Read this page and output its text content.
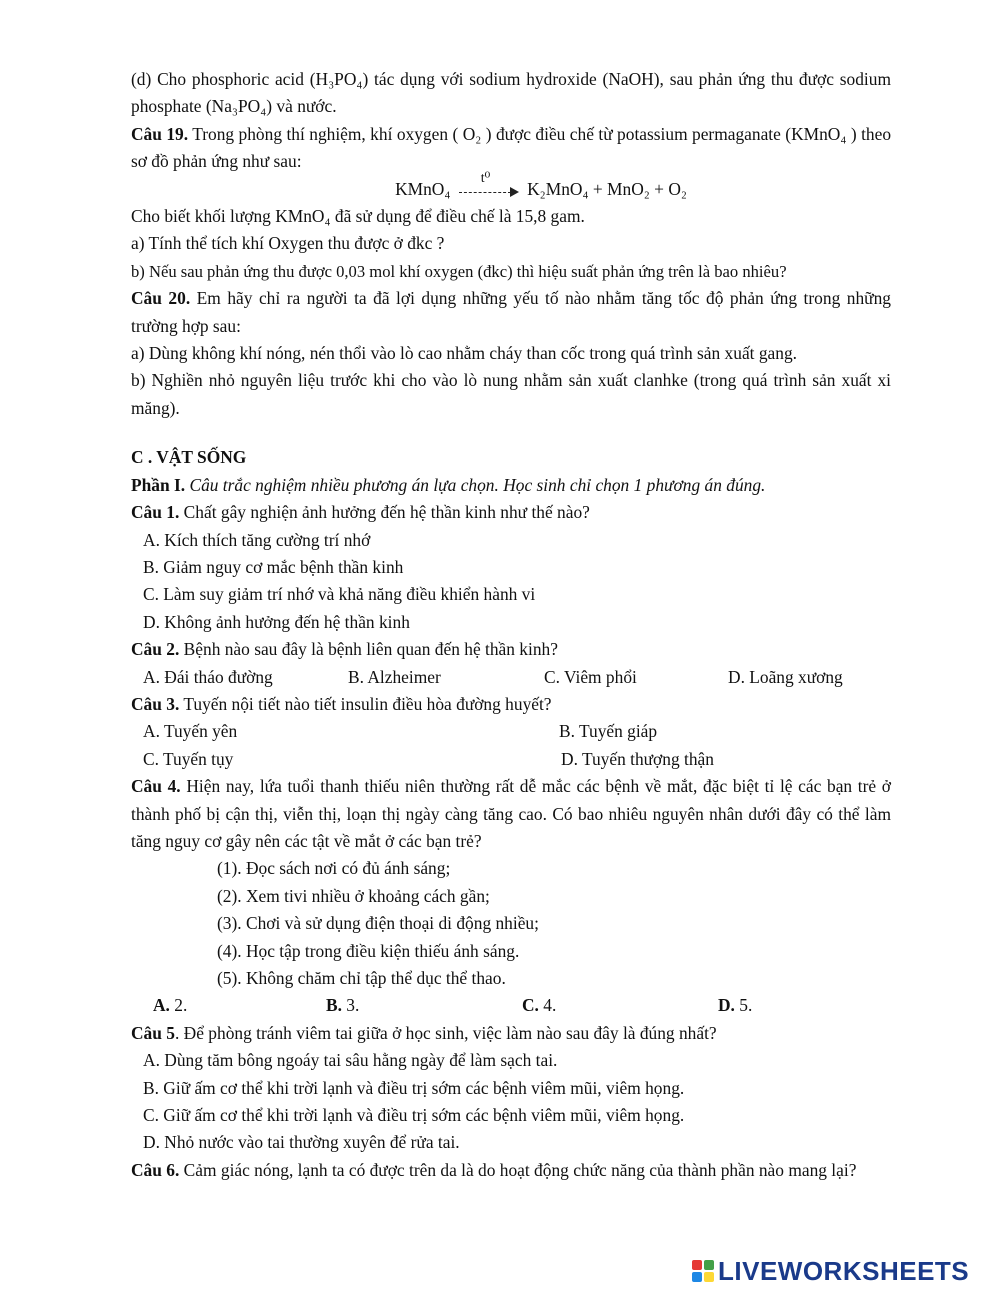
(d) Cho phosphoric acid (H₃PO₄) tác dụng với sodium hydroxide (NaOH), sau phản ứng thu được sodium phosphate (Na₃PO₄) và nước.

Câu 19. Trong phòng thí nghiệm, khí oxygen ( O₂ ) được điều chế từ potassium permaganate (KMnO₄ ) theo sơ đồ phản ứng như sau:

KMnO₄
t⁰
K₂MnO₄ + MnO₂ + O₂

Cho biết khối lượng KMnO₄ đã sử dụng để điều chế là 15,8 gam.

a) Tính thể tích khí Oxygen thu được ở đkc ?

b) Nếu sau phản ứng thu được 0,03 mol khí oxygen (đkc) thì hiệu suất phản ứng trên là bao nhiêu?

Câu 20. Em hãy chỉ ra người ta đã lợi dụng những yếu tố nào nhằm tăng tốc độ phản ứng trong những trường hợp sau:

a) Dùng không khí nóng, nén thổi vào lò cao nhằm cháy than cốc trong quá trình sản xuất gang.

b) Nghiền nhỏ nguyên liệu trước khi cho vào lò nung nhằm sản xuất clanhke (trong quá trình sản xuất xi măng).

C . VẬT SỐNG

Phần I. Câu trắc nghiệm nhiều phương án lựa chọn. Học sinh chỉ chọn 1 phương án đúng.

Câu 1. Chất gây nghiện ảnh hưởng đến hệ thần kinh như thế nào?

A. Kích thích tăng cường trí nhớ

B. Giảm nguy cơ mắc bệnh thần kinh

C. Làm suy giảm trí nhớ và khả năng điều khiển hành vi

D. Không ảnh hưởng đến hệ thần kinh

Câu 2. Bệnh nào sau đây là bệnh liên quan đến hệ thần kinh?

A. Đái tháo đường	B. Alzheimer	C. Viêm phổi	D. Loãng xương

Câu 3. Tuyến nội tiết nào tiết insulin điều hòa đường huyết?

A. Tuyến yên	B. Tuyến giáp
C. Tuyến tụy	D. Tuyến thượng thận

Câu 4. Hiện nay, lứa tuổi thanh thiếu niên thường rất dễ mắc các bệnh về mắt, đặc biệt tỉ lệ các bạn trẻ ở thành phố bị cận thị, viễn thị, loạn thị ngày càng tăng cao. Có bao nhiêu nguyên nhân dưới đây có thể làm tăng nguy cơ gây nên các tật về mắt ở các bạn trẻ?

(1). Đọc sách nơi có đủ ánh sáng;

(2). Xem tivi nhiều ở khoảng cách gần;

(3). Chơi và sử dụng điện thoại di động nhiều;

(4). Học tập trong điều kiện thiếu ánh sáng.

(5). Không chăm chỉ tập thể dục thể thao.

A. 2.	B. 3.	C. 4.	D. 5.

Câu 5. Để phòng tránh viêm tai giữa ở học sinh, việc làm nào sau đây là đúng nhất?

A. Dùng tăm bông ngoáy tai sâu hằng ngày để làm sạch tai.

B. Giữ ấm cơ thể khi trời lạnh và điều trị sớm các bệnh viêm mũi, viêm họng.

C. Giữ ấm cơ thể khi trời lạnh và điều trị sớm các bệnh viêm mũi, viêm họng.

D. Nhỏ nước vào tai thường xuyên để rửa tai.

Câu 6. Cảm giác nóng, lạnh ta có được trên da là do hoạt động chức năng của thành phần nào mang lại?

LIVEWORKSHEETS
